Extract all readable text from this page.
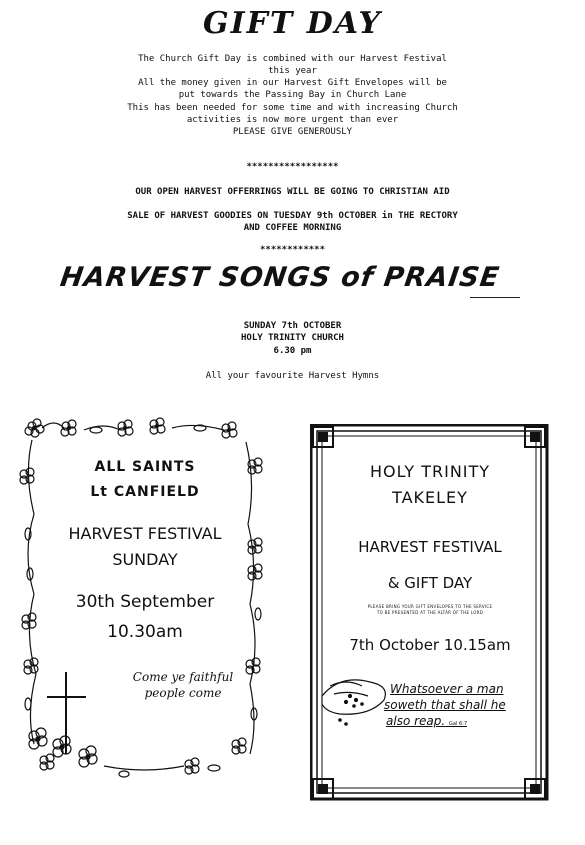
GIFT DAY
The Church Gift Day is combined with our Harvest Festival
this year
All the money given in our Harvest Gift Envelopes will be
put towards the Passing Bay in Church Lane
This has been needed for some time and with increasing Church
activities is now more urgent than ever
PLEASE GIVE GENEROUSLY
*****************
OUR OPEN HARVEST OFFERRINGS WILL BE GOING TO CHRISTIAN AID
SALE OF HARVEST GOODIES ON TUESDAY 9th OCTOBER in THE RECTORY
AND COFFEE MORNING
************
HARVEST SONGS of PRAISE
SUNDAY 7th OCTOBER
HOLY TRINITY CHURCH
6.30 pm
All your favourite Harvest Hymns
ALL SAINTS
Lt CANFIELD
HARVEST FESTIVAL
SUNDAY
30th September
10.30am
Come ye faithful
people come
HOLY TRINITY
TAKELEY
HARVEST FESTIVAL
& GIFT DAY
PLEASE BRING YOUR GIFT ENVELOPES TO THE SERVICE
TO BE PRESENTED AT THE ALTAR OF THE LORD
7th October 10.15am
Whatsoever a man
soweth that shall he
also reap. Gal 6:7
